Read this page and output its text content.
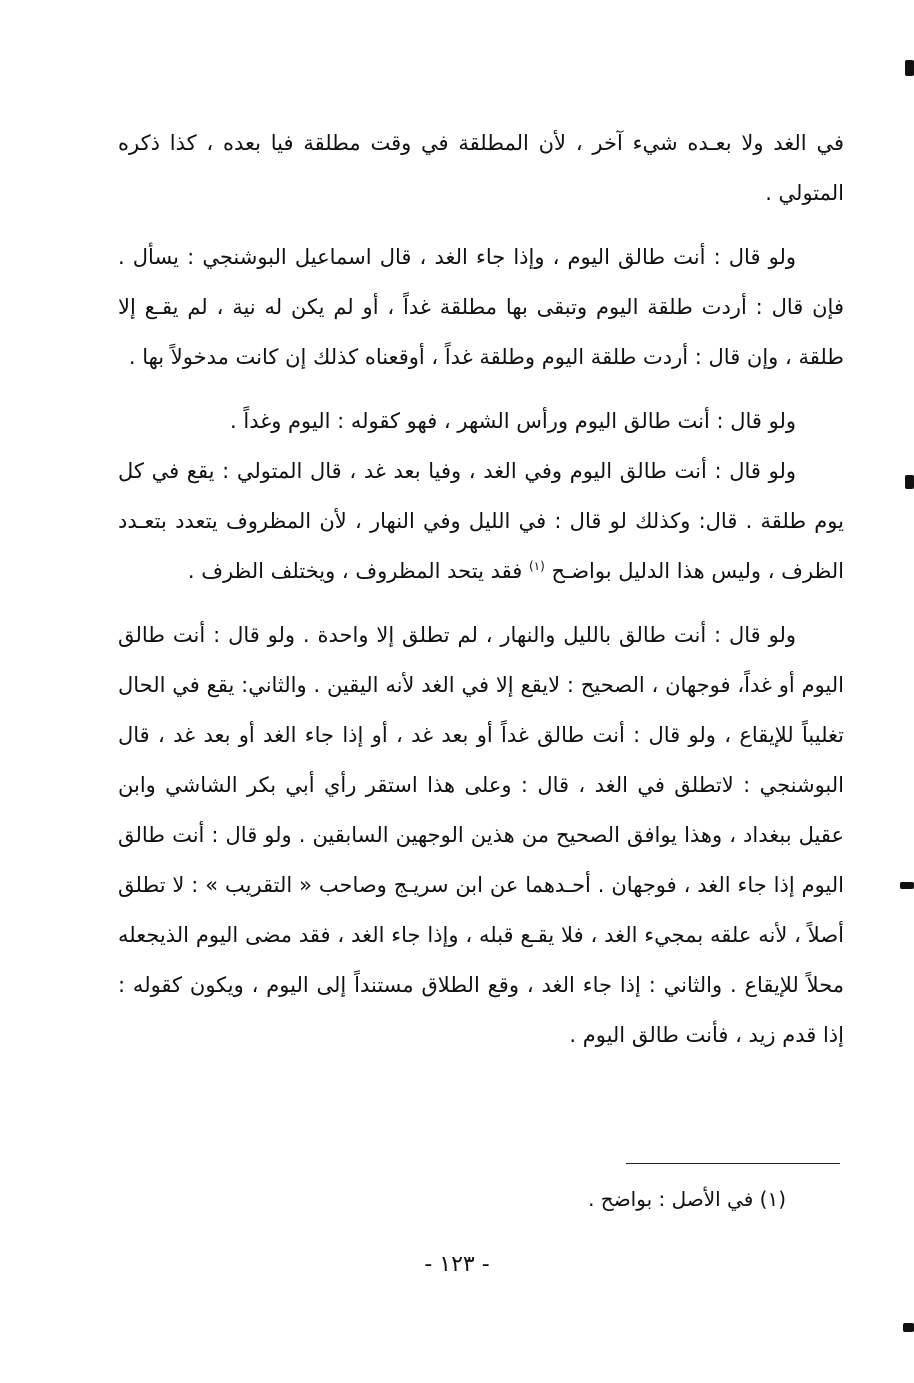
في الغد ولا بعـده شيء آخر ، لأن المطلقة في وقت مطلقة فيا بعده ، كذا ذكره المتولي .

ولو قال : أنت طالق اليوم ، وإذا جاء الغد ، قال اسماعيل البوشنجي : يسأل . فإن قال : أردت طلقة اليوم وتبقى بها مطلقة غداً ، أو لم يكن له نية ، لم يقـع إلا طلقة ، وإن قال : أردت طلقة اليوم وطلقة غداً ، أوقعناه كذلك إن كانت مدخولاً بها .

ولو قال : أنت طالق اليوم ورأس الشهر ، فهو كقوله : اليوم وغداً .

ولو قال : أنت طالق اليوم وفي الغد ، وفيا بعد غد ، قال المتولي : يقع في كل يوم طلقة . قال: وكذلك لو قال : في الليل وفي النهار ، لأن المظروف يتعدد بتعـدد الظرف ، وليس هذا الدليل بواضـح $^{(١)}$ فقد يتحد المظروف ، ويختلف الظرف .

ولو قال : أنت طالق بالليل والنهار ، لم تطلق إلا واحدة . ولو قال : أنت طالق اليوم أو غداً، فوجهان ، الصحيح : لايقع إلا في الغد لأنه اليقين . والثاني: يقع في الحال تغليباً للإيقاع ، ولو قال : أنت طالق غداً أو بعد غد ، أو إذا جاء الغد أو بعد غد ، قال البوشنجي : لاتطلق في الغد ، قال : وعلى هذا استقر رأي أبي بكر الشاشي وابن عقيل ببغداد ، وهذا يوافق الصحيح من هذين الوجهين السابقين . ولو قال : أنت طالق اليوم إذا جاء الغد ، فوجهان . أحـدهما عن ابن سريـج وصاحب « التقريب » : لا تطلق أصلاً ، لأنه علقه بمجيء الغد ، فلا يقـع قبله ، وإذا جاء الغد ، فقد مضى اليوم الذيجعله محلاً للإيقاع . والثاني : إذا جاء الغد ، وقع الطلاق مستنداً إلى اليوم ، ويكون كقوله : إذا قدم زيد ، فأنت طالق اليوم .

(١) في الأصل : بواضح .
- ١٢٣ -
